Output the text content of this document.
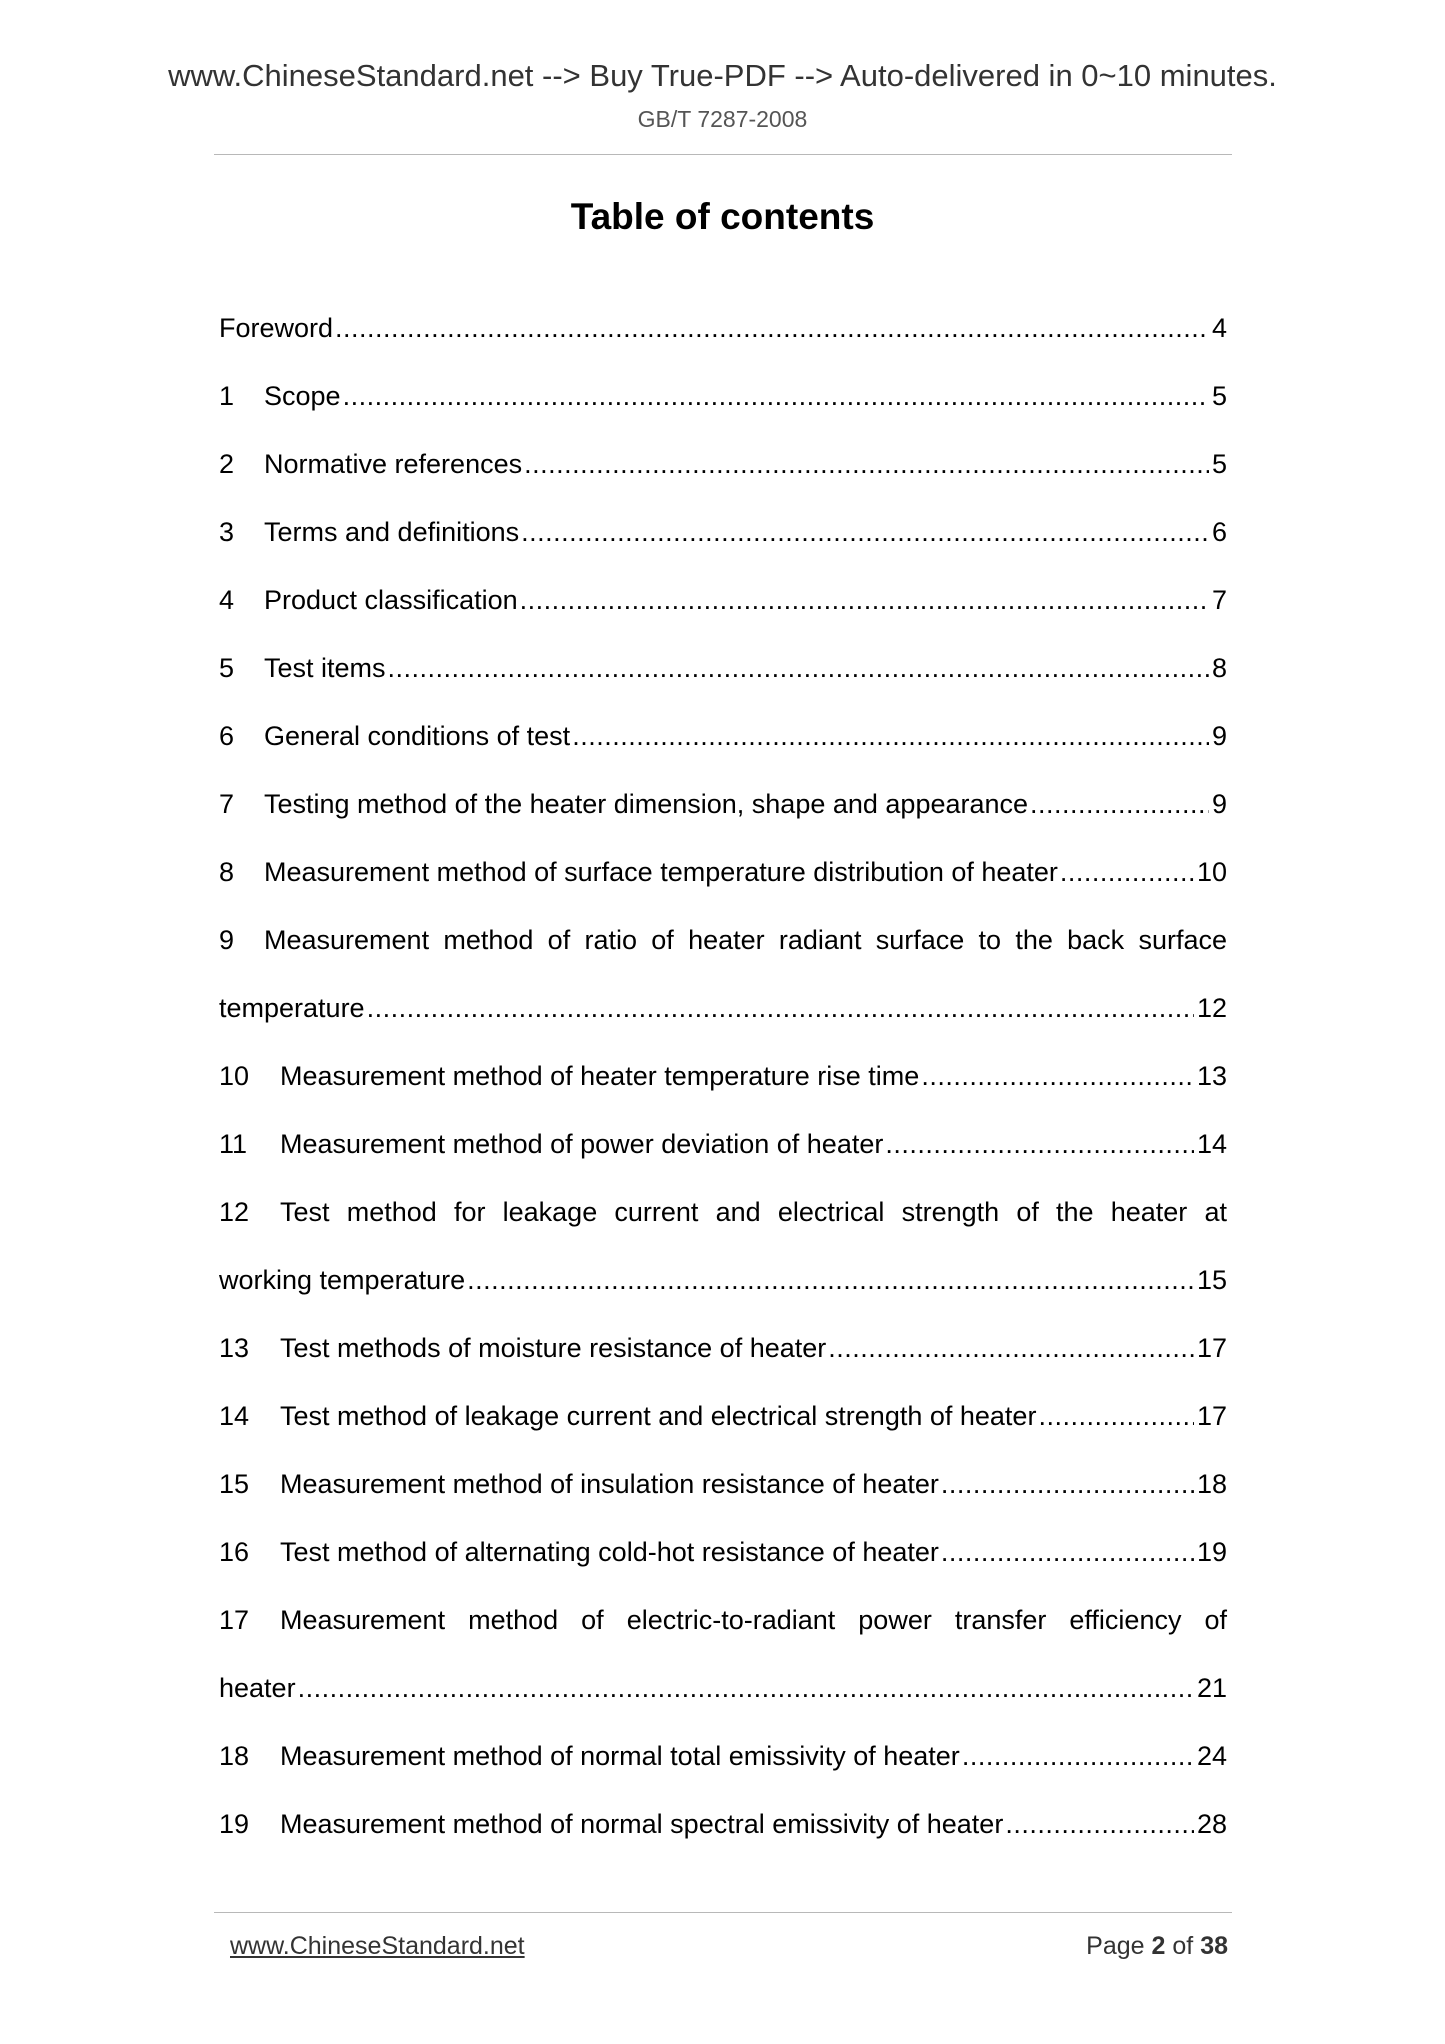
www.ChineseStandard.net --> Buy True-PDF --> Auto-delivered in 0~10 minutes.
GB/T 7287-2008
Table of contents
Foreword .....	4
1	Scope .....	5
2	Normative references .....	5
3	Terms and definitions .....	6
4	Product classification .....	7
5	Test items .....	8
6	General conditions of test .....	9
7	Testing method of the heater dimension, shape and appearance .....	9
8	Measurement method of surface temperature distribution of heater .....	10
9	Measurement method of ratio of heater radiant surface to the back surface
temperature .....	12
10	Measurement method of heater temperature rise time .....	13
11	Measurement method of power deviation of heater .....	14
12	Test method for leakage current and electrical strength of the heater at
working temperature .....	15
13	Test methods of moisture resistance of heater .....	17
14	Test method of leakage current and electrical strength of heater .....	17
15	Measurement method of insulation resistance of heater .....	18
16	Test method of alternating cold-hot resistance of heater .....	19
17	Measurement method of electric-to-radiant power transfer efficiency of
heater .....	21
18	Measurement method of normal total emissivity of heater .....	24
19	Measurement method of normal spectral emissivity of heater .....	28
www.ChineseStandard.net	Page 2 of 38
